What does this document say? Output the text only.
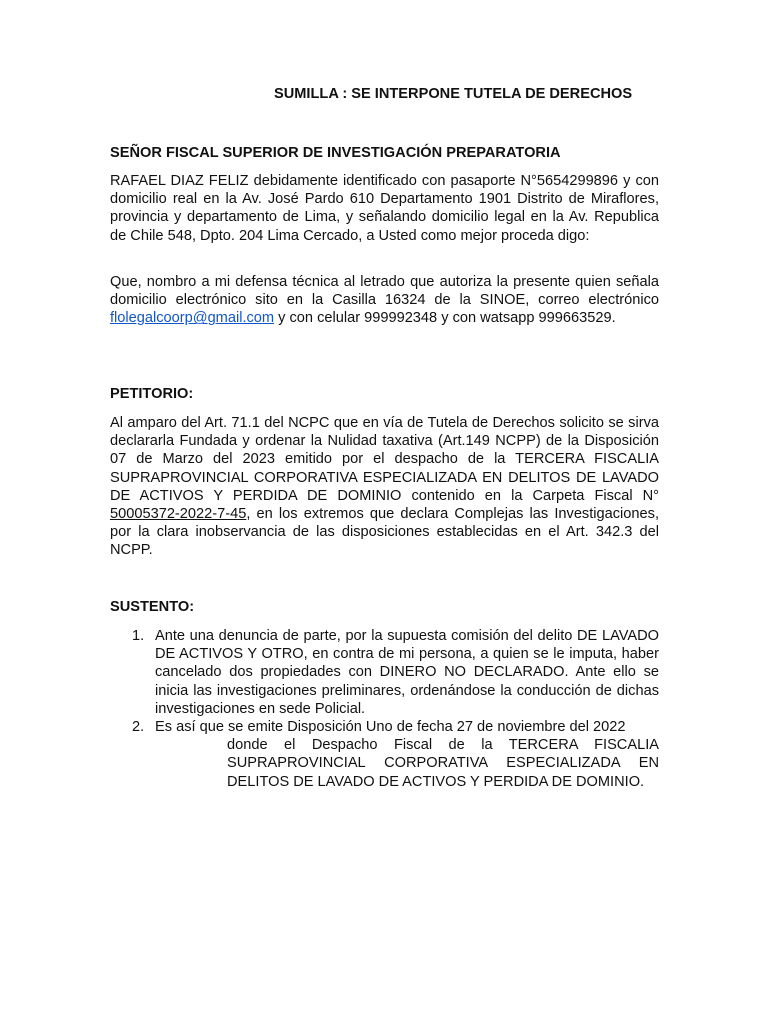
SUMILLA : SE INTERPONE TUTELA DE DERECHOS
SEÑOR FISCAL SUPERIOR DE INVESTIGACIÓN PREPARATORIA
RAFAEL DIAZ FELIZ debidamente identificado con pasaporte N°5654299896 y con domicilio real en la Av. José Pardo 610 Departamento 1901 Distrito de Miraflores, provincia y departamento de Lima, y señalando domicilio legal en la Av. Republica de Chile 548, Dpto. 204 Lima Cercado, a Usted como mejor proceda digo:
Que, nombro a mi defensa técnica al letrado que autoriza la presente quien señala domicilio electrónico sito en la Casilla 16324 de la SINOE, correo electrónico flolegalcoorp@gmail.com y con celular 999992348 y con watsapp 999663529.
PETITORIO:
Al amparo del Art. 71.1 del NCPC que en vía de Tutela de Derechos solicito se sirva declararla Fundada y ordenar la Nulidad taxativa (Art.149 NCPP) de la Disposición 07 de Marzo del 2023 emitido por el despacho de la TERCERA FISCALIA SUPRAPROVINCIAL CORPORATIVA ESPECIALIZADA EN DELITOS DE LAVADO DE ACTIVOS Y PERDIDA DE DOMINIO contenido en la Carpeta Fiscal N° 50005372-2022-7-45, en los extremos que declara Complejas las Investigaciones, por la clara inobservancia de las disposiciones establecidas en el Art. 342.3 del NCPP.
SUSTENTO:
1. Ante una denuncia de parte, por la supuesta comisión del delito DE LAVADO DE ACTIVOS Y OTRO, en contra de mi persona, a quien se le imputa, haber cancelado dos propiedades con DINERO NO DECLARADO. Ante ello se inicia las investigaciones preliminares, ordenándose la conducción de dichas investigaciones en sede Policial.
2. Es así que se emite Disposición Uno de fecha 27 de noviembre del 2022
donde el Despacho Fiscal de la TERCERA FISCALIA SUPRAPROVINCIAL CORPORATIVA ESPECIALIZADA EN DELITOS DE LAVADO DE ACTIVOS Y PERDIDA DE DOMINIO.
